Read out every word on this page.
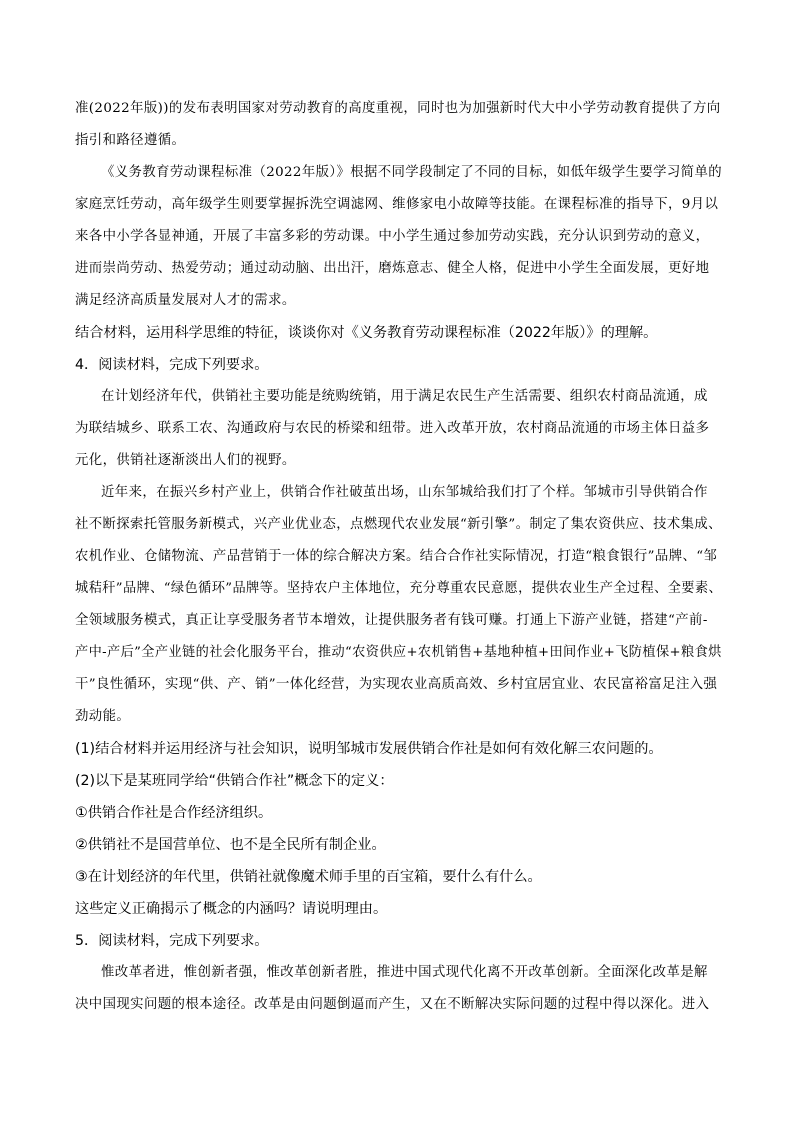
准(2022年版))的发布表明国家对劳动教育的高度重视，同时也为加强新时代大中小学劳动教育提供了方向
指引和路径遵循。
《义务教育劳动课程标准（2022年版）》根据不同学段制定了不同的目标，如低年级学生要学习简单的
家庭烹饪劳动，高年级学生则要掌握拆洗空调滤网、维修家电小故障等技能。在课程标准的指导下，9月以
来各中小学各显神通，开展了丰富多彩的劳动课。中小学生通过参加劳动实践，充分认识到劳动的意义，
进而崇尚劳动、热爱劳动；通过动动脑、出出汗，磨炼意志、健全人格，促进中小学生全面发展，更好地
满足经济高质量发展对人才的需求。
结合材料，运用科学思维的特征，谈谈你对《义务教育劳动课程标准（2022年版）》的理解。
4．阅读材料，完成下列要求。
在计划经济年代，供销社主要功能是统购统销，用于满足农民生产生活需要、组织农村商品流通，成
为联结城乡、联系工农、沟通政府与农民的桥梁和纽带。进入改革开放，农村商品流通的市场主体日益多
元化，供销社逐渐淡出人们的视野。
近年来，在振兴乡村产业上，供销合作社破茧出场，山东邹城给我们打了个样。邹城市引导供销合作
社不断探索托管服务新模式，兴产业优业态，点燃现代农业发展“新引擎”。制定了集农资供应、技术集成、
农机作业、仓储物流、产品营销于一体的综合解决方案。结合合作社实际情况，打造“粮食银行”品牌、“邹
城秸秆”品牌、“绿色循环”品牌等。坚持农户主体地位，充分尊重农民意愿，提供农业生产全过程、全要素、
全领域服务模式，真正让享受服务者节本增效，让提供服务者有钱可赚。打通上下游产业链，搭建“产前-
产中-产后”全产业链的社会化服务平台，推动“农资供应+农机销售+基地种植+田间作业+飞防植保+粮食烘
干”良性循环，实现“供、产、销”一体化经营，为实现农业高质高效、乡村宜居宜业、农民富裕富足注入强
劲动能。
(1)结合材料并运用经济与社会知识，说明邹城市发展供销合作社是如何有效化解三农问题的。
(2)以下是某班同学给“供销合作社”概念下的定义：
①供销合作社是合作经济组织。
②供销社不是国营单位、也不是全民所有制企业。
③在计划经济的年代里，供销社就像魔术师手里的百宝箱，要什么有什么。
这些定义正确揭示了概念的内涵吗？请说明理由。
5．阅读材料，完成下列要求。
惟改革者进，惟创新者强，惟改革创新者胜，推进中国式现代化离不开改革创新。全面深化改革是解
决中国现实问题的根本途径。改革是由问题倒逼而产生，又在不断解决实际问题的过程中得以深化。进入
